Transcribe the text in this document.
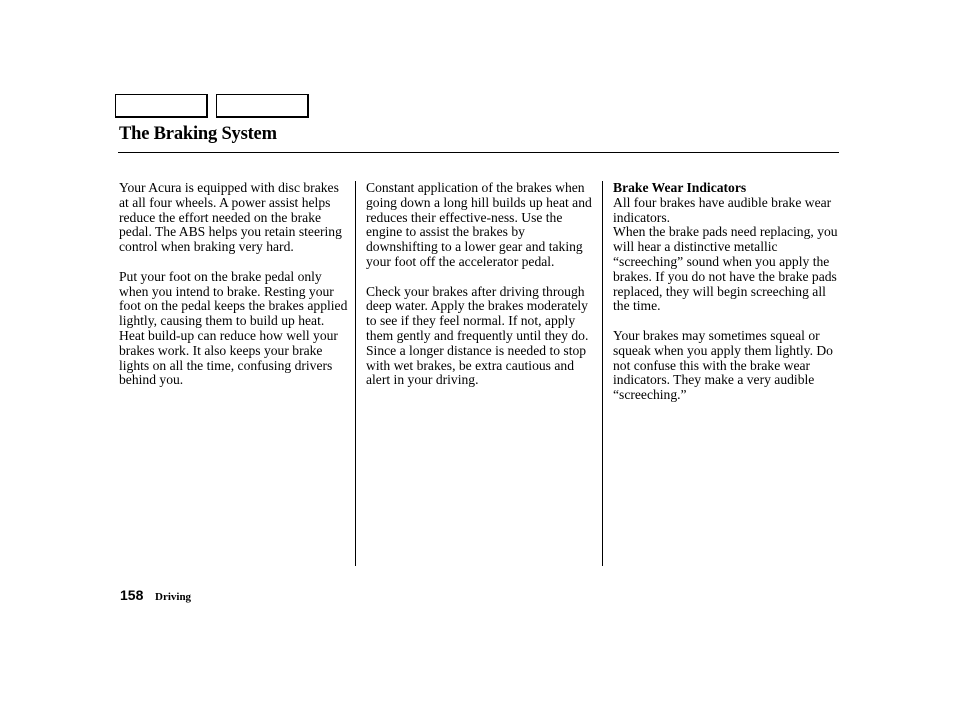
The Braking System

Your Acura is equipped with disc brakes at all four wheels. A power assist helps reduce the effort needed on the brake pedal. The ABS helps you retain steering control when braking very hard.

Put your foot on the brake pedal only when you intend to brake. Resting your foot on the pedal keeps the brakes applied lightly, causing them to build up heat. Heat build-up can reduce how well your brakes work. It also keeps your brake lights on all the time, confusing drivers behind you.

Constant application of the brakes when going down a long hill builds up heat and reduces their effective-ness. Use the engine to assist the brakes by downshifting to a lower gear and taking your foot off the accelerator pedal.

Check your brakes after driving through deep water. Apply the brakes moderately to see if they feel normal. If not, apply them gently and frequently until they do. Since a longer distance is needed to stop with wet brakes, be extra cautious and alert in your driving.

Brake Wear Indicators

All four brakes have audible brake wear indicators.

When the brake pads need replacing, you will hear a distinctive metallic “screeching” sound when you apply the brakes. If you do not have the brake pads replaced, they will begin screeching all the time.

Your brakes may sometimes squeal or squeak when you apply them lightly. Do not confuse this with the brake wear indicators. They make a very audible “screeching.”

158 Driving
